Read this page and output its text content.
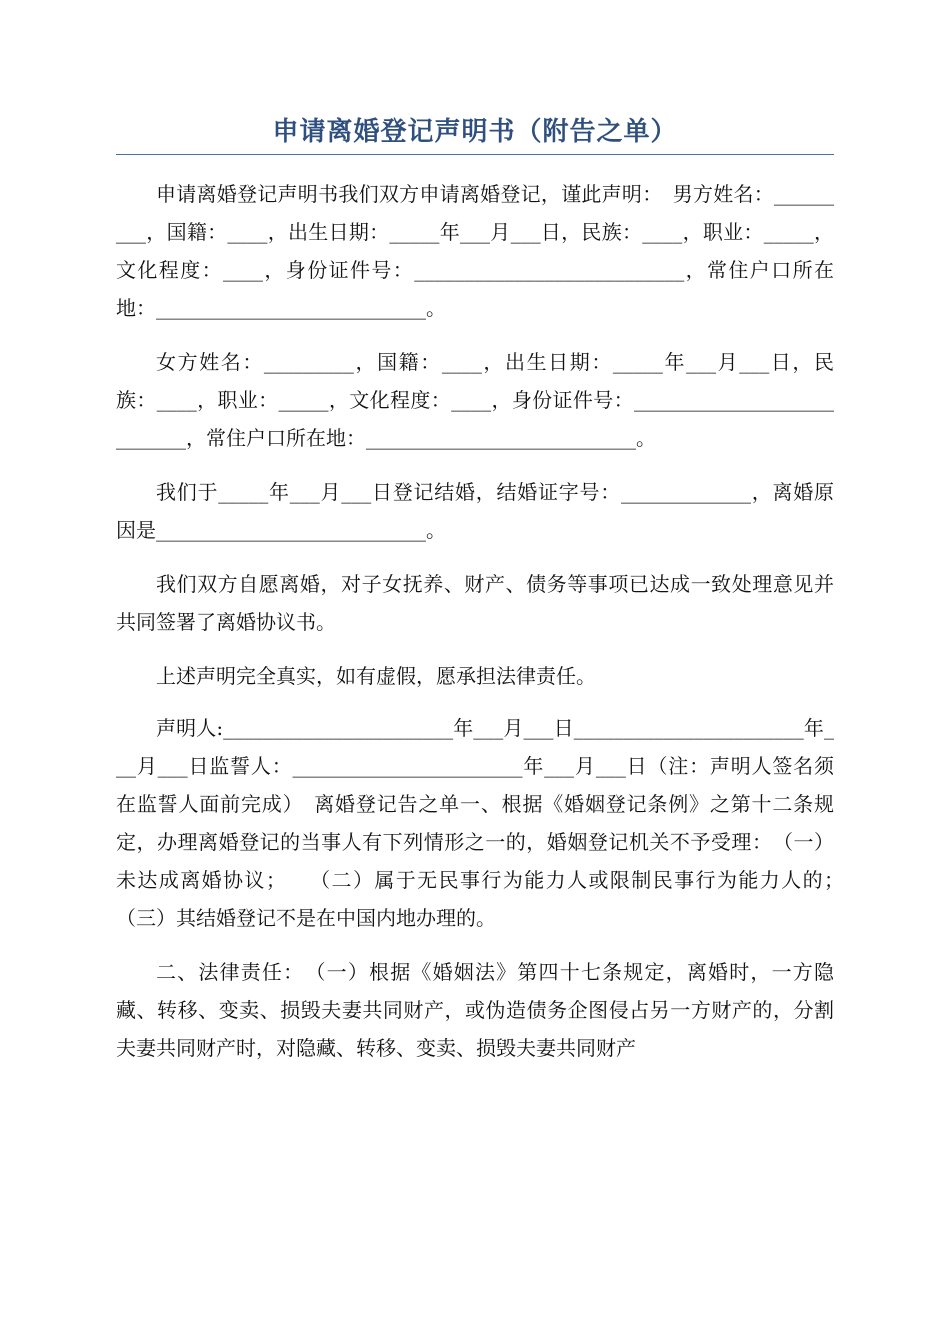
申请离婚登记声明书（附告之单）

申请离婚登记声明书我们双方申请离婚登记，谨此声明：　男方姓名：_________，国籍：____，出生日期：_____年___月___日，民族：____，职业：_____，文化程度：____，身份证件号：___________________________，常住户口所在地：___________________________。

女方姓名：_________，国籍：____，出生日期：_____年___月___日，民族：____，职业：_____，文化程度：____，身份证件号：___________________________，常住户口所在地：___________________________。

我们于_____年___月___日登记结婚，结婚证字号：_____________，离婚原因是___________________________。

我们双方自愿离婚，对子女抚养、财产、债务等事项已达成一致处理意见并共同签署了离婚协议书。

上述声明完全真实，如有虚假，愿承担法律责任。

声明人:_______________________年___月___日_______________________年___月___日监誓人：_______________________年___月___日（注：声明人签名须在监誓人面前完成）　离婚登记告之单一、根据《婚姻登记条例》之第十二条规定，办理离婚登记的当事人有下列情形之一的，婚姻登记机关不予受理：　（一）未达成离婚协议；　　（二）属于无民事行为能力人或限制民事行为能力人的；　　（三）其结婚登记不是在中国内地办理的。

二、法律责任：　（一）根据《婚姻法》第四十七条规定，离婚时，一方隐藏、转移、变卖、损毁夫妻共同财产，或伪造债务企图侵占另一方财产的，分割夫妻共同财产时，对隐藏、转移、变卖、损毁夫妻共同财产
